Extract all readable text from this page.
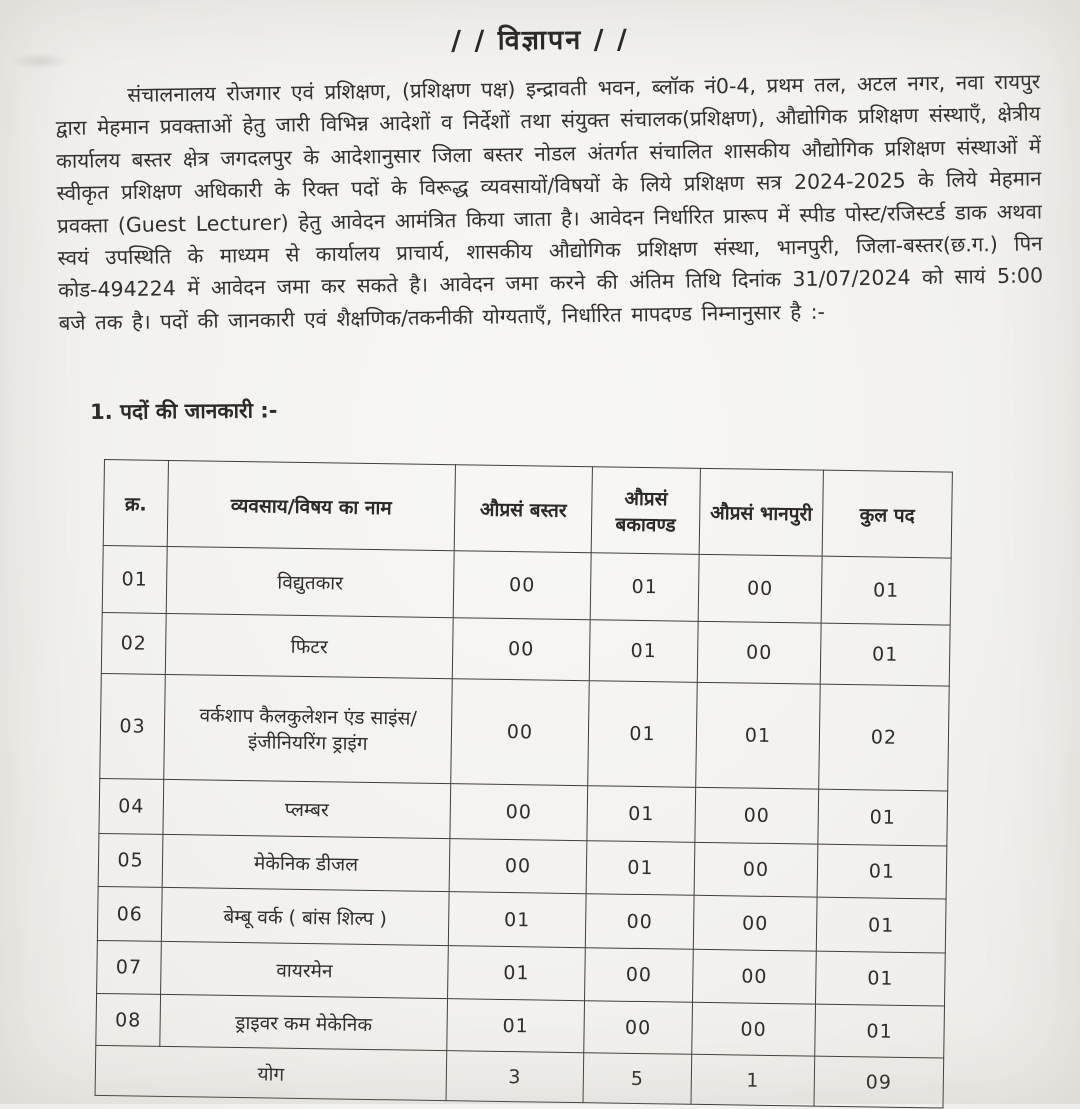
/ / विज्ञापन / /
संचालनालय रोजगार एवं प्रशिक्षण, (प्रशिक्षण पक्ष) इन्द्रावती भवन, ब्लॉक नं0-4, प्रथम तल, अटल नगर, नवा रायपुर द्वारा मेहमान प्रवक्ताओं हेतु जारी विभिन्न आदेशों व निर्देशों तथा संयुक्त संचालक(प्रशिक्षण), औद्योगिक प्रशिक्षण संस्थाएँ, क्षेत्रीय कार्यालय बस्तर क्षेत्र जगदलपुर के आदेशानुसार जिला बस्तर नोडल अंतर्गत संचालित शासकीय औद्योगिक प्रशिक्षण संस्थाओं में स्वीकृत प्रशिक्षण अधिकारी के रिक्त पदों के विरूद्ध व्यवसायों/विषयों के लिये प्रशिक्षण सत्र 2024-2025 के लिये मेहमान प्रवक्ता (Guest Lecturer) हेतु आवेदन आमंत्रित किया जाता है। आवेदन निर्धारित प्रारूप में स्पीड पोस्ट/रजिस्टर्ड डाक अथवा स्वयं उपस्थिति के माध्यम से कार्यालय प्राचार्य, शासकीय औद्योगिक प्रशिक्षण संस्था, भानपुरी, जिला-बस्तर(छ.ग.) पिन कोड-494224 में आवेदन जमा कर सकते है। आवेदन जमा करने की अंतिम तिथि दिनांक 31/07/2024 को सायं 5:00 बजे तक है। पदों की जानकारी एवं शैक्षणिक/तकनीकी योग्यताएँ, निर्धारित मापदण्ड निम्नानुसार है :-
1. पदों की जानकारी :-
क्र.	व्यवसाय/विषय का नाम	औप्रसं बस्तर	औप्रसं बकावण्ड	औप्रसं भानपुरी	कुल पद
01	विद्युतकार	00	01	00	01
02	फिटर	00	01	00	01
03	वर्कशाप कैलकुलेशन एंड साइंस/इंजीनियरिंग ड्राइंग	00	01	01	02
04	प्लम्बर	00	01	00	01
05	मेकेनिक डीजल	00	01	00	01
06	बेम्बू वर्क ( बांस शिल्प )	01	00	00	01
07	वायरमेन	01	00	00	01
08	ड्राइवर कम मेकेनिक	01	00	00	01
योग		3	5	1	09
